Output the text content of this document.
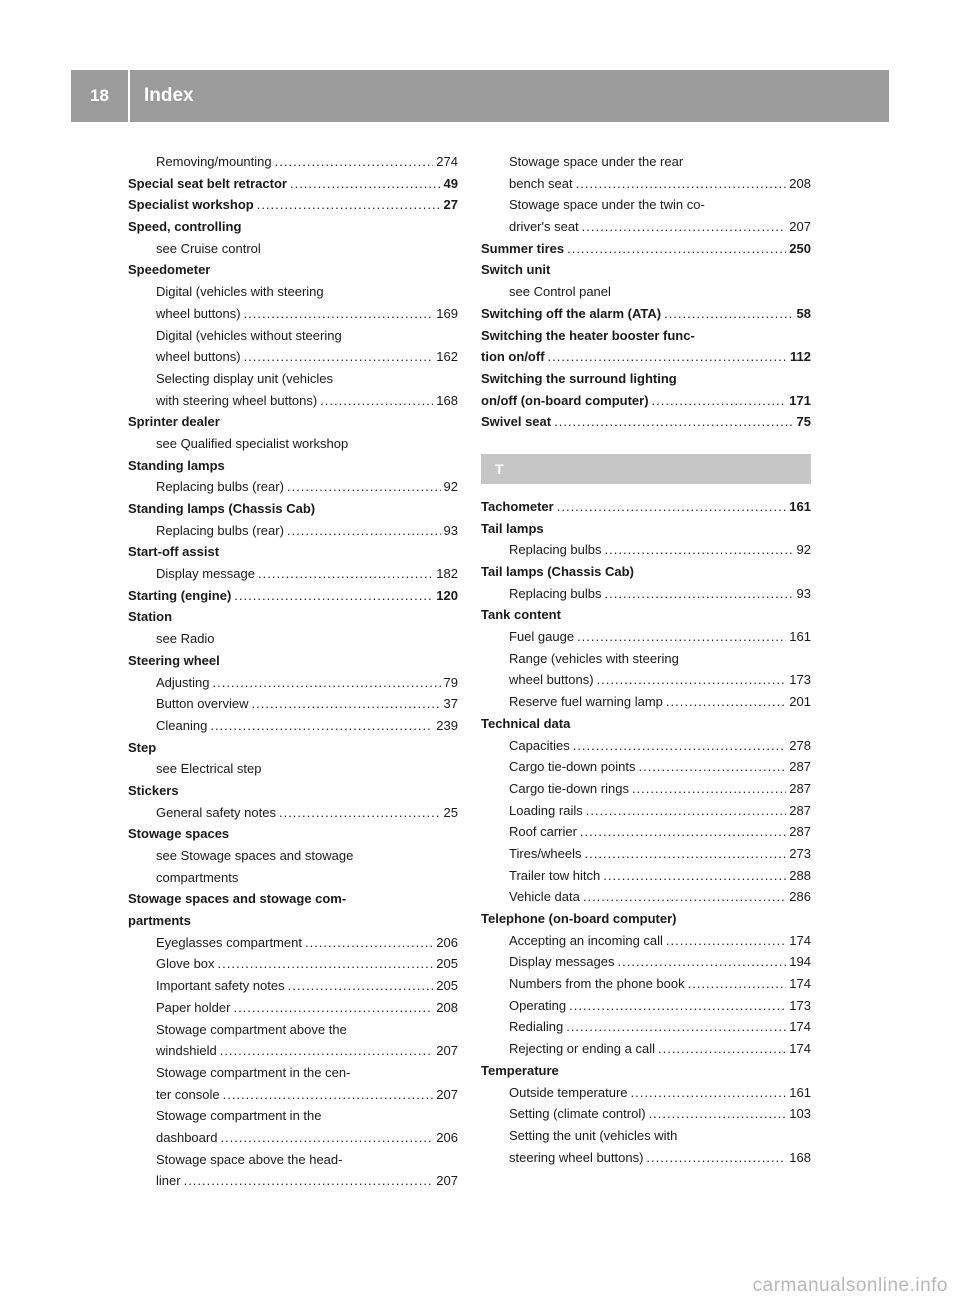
18	Index
Removing/mounting .....	274
Special seat belt retractor .....	49
Specialist workshop .....	27
Speed, controlling
see Cruise control
Speedometer
Digital (vehicles with steering
wheel buttons) .....	169
Digital (vehicles without steering
wheel buttons) .....	162
Selecting display unit (vehicles
with steering wheel buttons) .....	168
Sprinter dealer
see Qualified specialist workshop
Standing lamps
Replacing bulbs (rear) .....	92
Standing lamps (Chassis Cab)
Replacing bulbs (rear) .....	93
Start-off assist
Display message .....	182
Starting (engine) .....	120
Station
see Radio
Steering wheel
Adjusting .....	79
Button overview .....	37
Cleaning .....	239
Step
see Electrical step
Stickers
General safety notes .....	25
Stowage spaces
see Stowage spaces and stowage
compartments
Stowage spaces and stowage com-
partments
Eyeglasses compartment .....	206
Glove box .....	205
Important safety notes .....	205
Paper holder .....	208
Stowage compartment above the
windshield .....	207
Stowage compartment in the cen-
ter console .....	207
Stowage compartment in the
dashboard .....	206
Stowage space above the head-
liner .....	207
Stowage space under the rear
bench seat .....	208
Stowage space under the twin co-
driver's seat .....	207
Summer tires .....	250
Switch unit
see Control panel
Switching off the alarm (ATA) .....	58
Switching the heater booster func-
tion on/off .....	112
Switching the surround lighting
on/off (on-board computer) .....	171
Swivel seat .....	75
T
Tachometer .....	161
Tail lamps
Replacing bulbs .....	92
Tail lamps (Chassis Cab)
Replacing bulbs .....	93
Tank content
Fuel gauge .....	161
Range (vehicles with steering
wheel buttons) .....	173
Reserve fuel warning lamp .....	201
Technical data
Capacities .....	278
Cargo tie-down points .....	287
Cargo tie-down rings .....	287
Loading rails .....	287
Roof carrier .....	287
Tires/wheels .....	273
Trailer tow hitch .....	288
Vehicle data .....	286
Telephone (on-board computer)
Accepting an incoming call .....	174
Display messages .....	194
Numbers from the phone book .....	174
Operating .....	173
Redialing .....	174
Rejecting or ending a call .....	174
Temperature
Outside temperature .....	161
Setting (climate control) .....	103
Setting the unit (vehicles with
steering wheel buttons) .....	168
carmanualsonline.info
